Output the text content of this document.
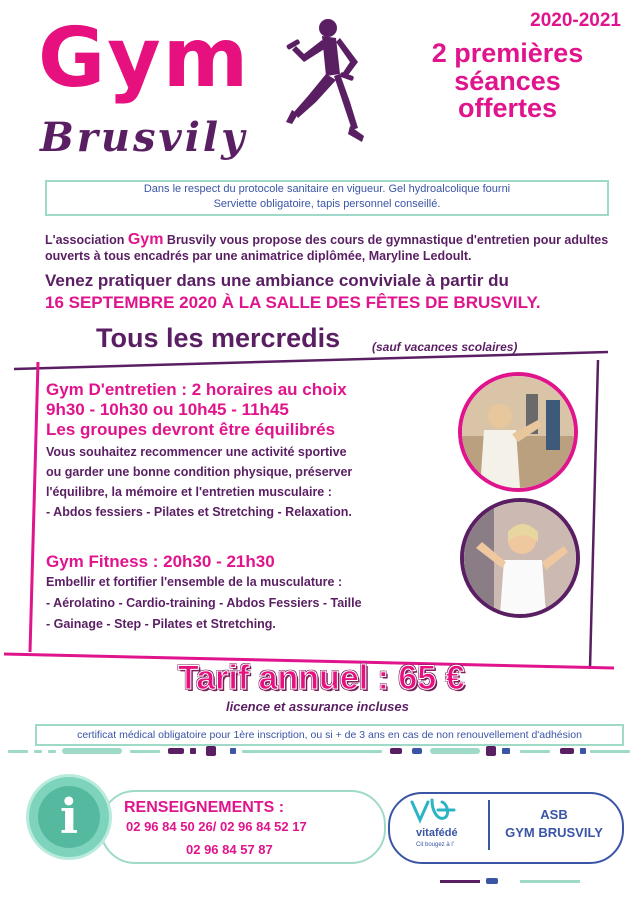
Gym
Brusvily
2020-2021
2 premières
séances
offertes
Dans le respect du protocole sanitaire en vigueur. Gel hydroalcolique fourni
Serviette obligatoire, tapis personnel conseillé.
L'association Gym Brusvily vous propose des cours de gymnastique d'entretien pour adultes ouverts à tous encadrés par une animatrice diplômée, Maryline Ledoult.
Venez pratiquer dans une ambiance conviviale à partir du
16 SEPTEMBRE 2020 À LA SALLE DES FÊTES DE BRUSVILY.
Tous les mercredis	(sauf vacances scolaires)
Gym D'entretien : 2 horaires au choix
9h30 - 10h30 ou 10h45 - 11h45
Les groupes devront être équilibrés
Vous souhaitez recommencer une activité sportive
ou garder une bonne condition physique, préserver
l'équilibre, la mémoire et l'entretien musculaire :
- Abdos fessiers - Pilates et Stretching - Relaxation.
Gym Fitness : 20h30 - 21h30
Embellir et fortifier l'ensemble de la musculature :
- Aérolatino - Cardio-training - Abdos Fessiers - Taille
- Gainage - Step - Pilates et Stretching.
Tarif annuel : 65 €
licence et assurance incluses
certificat médical obligatoire pour 1ère inscription, ou si + de 3 ans en cas de non renouvellement d'adhésion
i	RENSEIGNEMENTS :
02 96 84 50 26/ 02 96 84 52 17
02 96 84 57 87
vitafédé
Cit bougez à l'
ASB
GYM BRUSVILY
